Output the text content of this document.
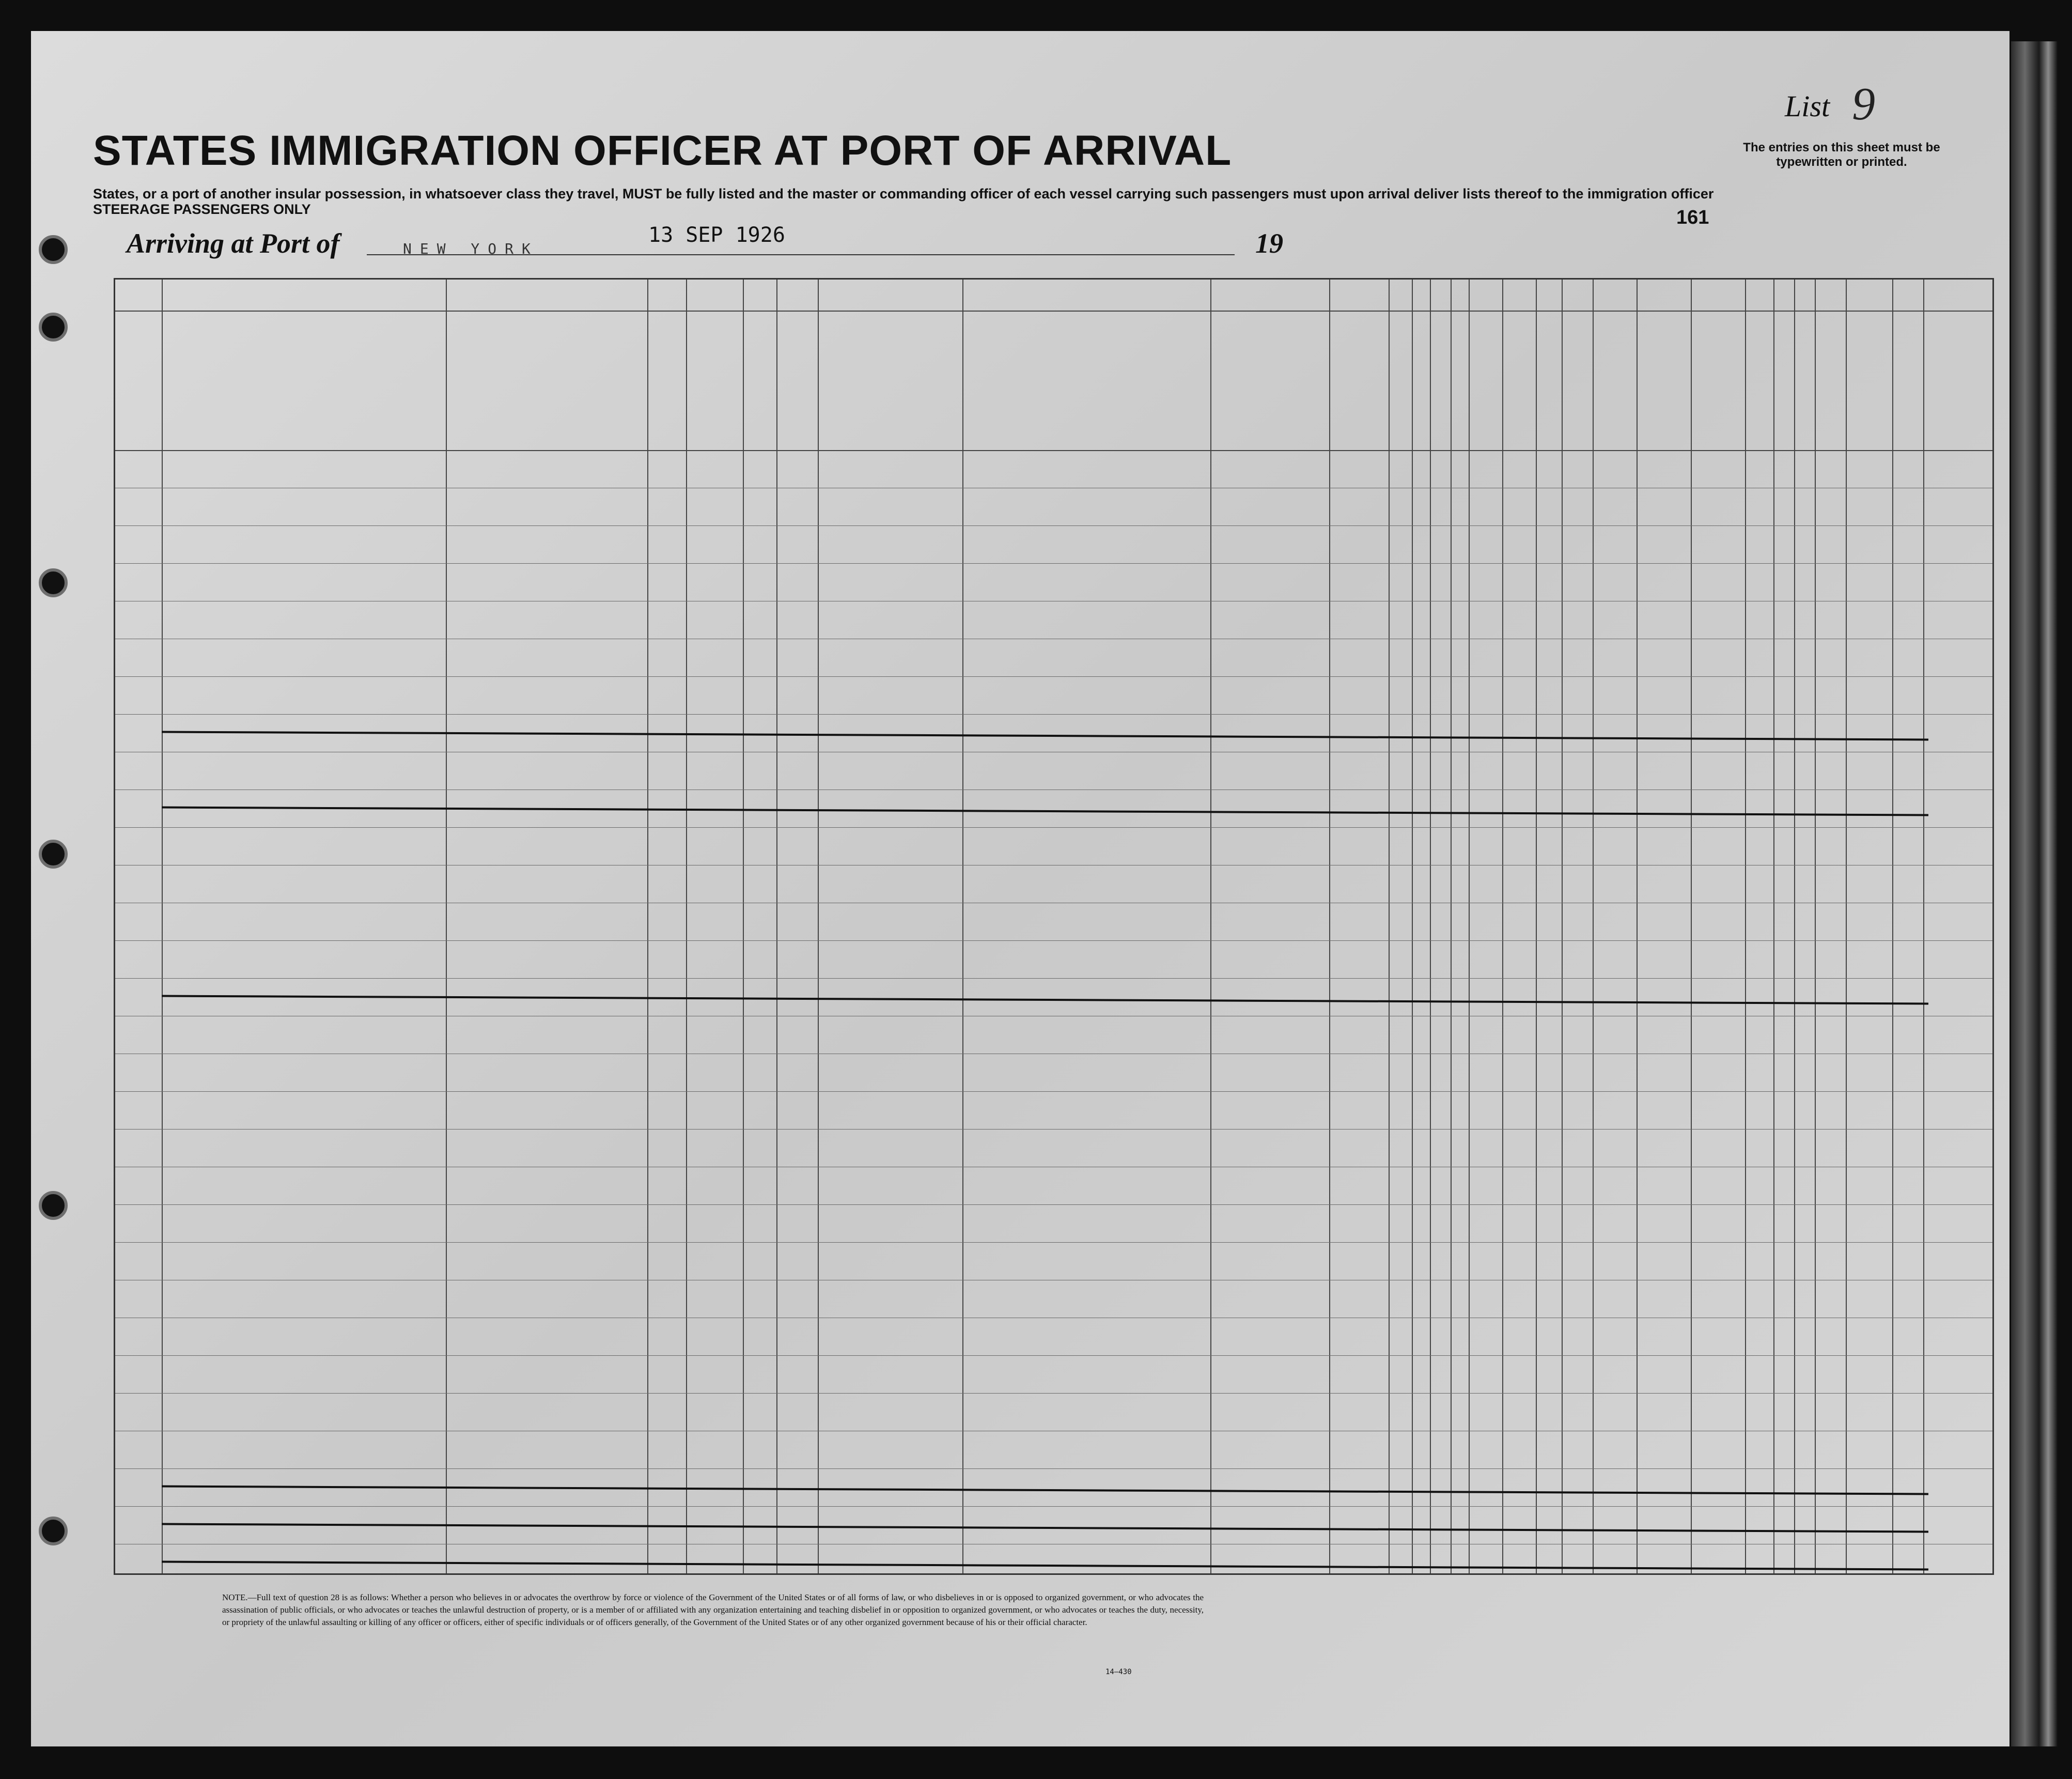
STATES IMMIGRATION OFFICER AT PORT OF ARRIVAL
States, or a port of another insular possession, in whatsoever class they travel, MUST be fully listed and the master or commanding officer of each vessel carrying such passengers must upon arrival deliver lists thereof to the immigration officer
STEERAGE PASSENGERS ONLY
List 9
The entries on this sheet must be typewritten or printed.
161
Arriving at Port of	NEW YORK
13 SEP 1926	19
NOTE.—Full text of question 28 is as follows: Whether a person who believes in or advocates the overthrow by force or violence of the Government of the United States or of all forms of law, or who disbelieves in or is opposed to organized government, or who advocates the assassination of public officials, or who advocates or teaches the unlawful destruction of property, or is a member of or affiliated with any organization entertaining and teaching disbelief in or opposition to organized government, or who advocates or teaches the duty, necessity, or propriety of the unlawful assaulting or killing of any officer or officers, either of specific individuals or of officers generally, of the Government of the United States or of any other organized government because of his or their official character.
14—430
